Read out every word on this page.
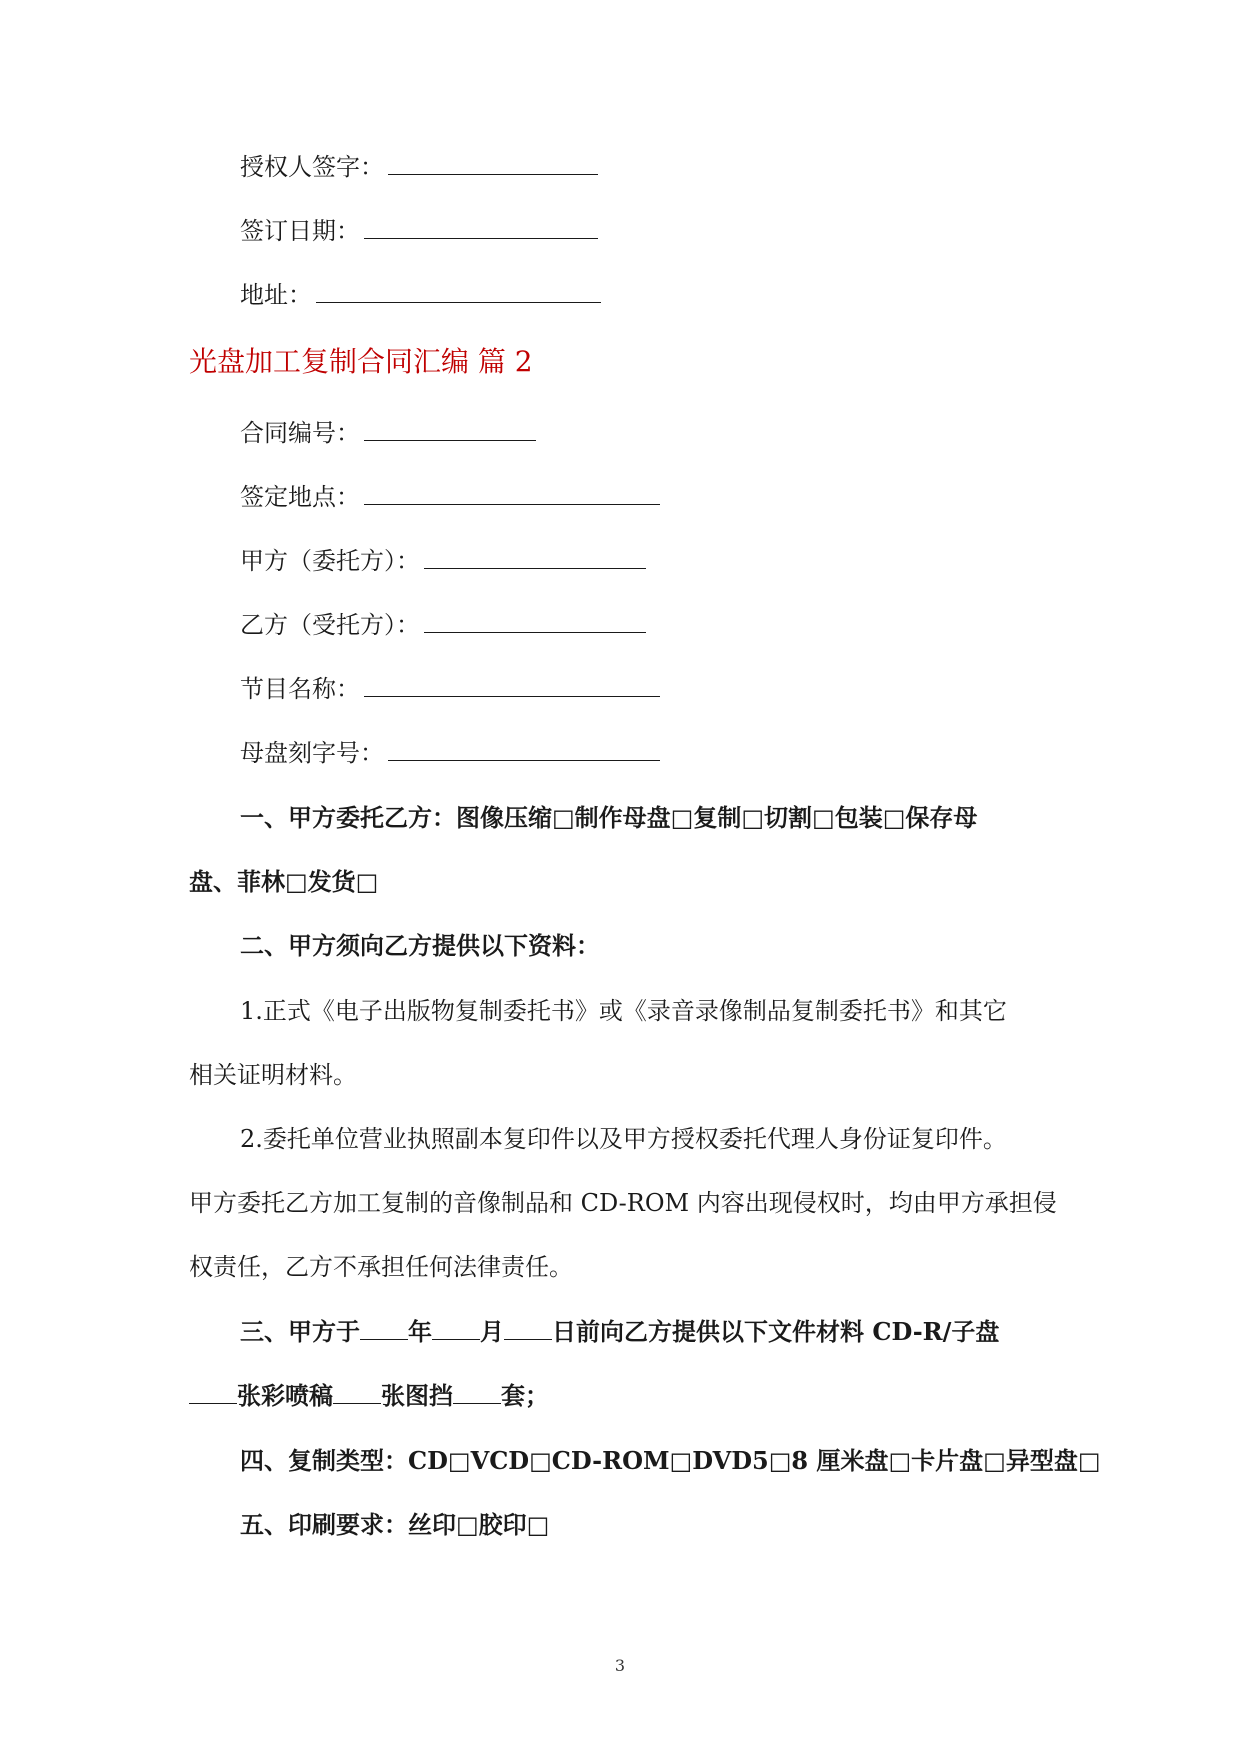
授权人签字：
签订日期：
地址：
光盘加工复制合同汇编 篇 2
合同编号：
签定地点：
甲方（委托方）：
乙方（受托方）：
节目名称：
母盘刻字号：
一、甲方委托乙方：图像压缩□制作母盘□复制□切割□包装□保存母
盘、菲林□发货□
二、甲方须向乙方提供以下资料：
1.正式《电子出版物复制委托书》或《录音录像制品复制委托书》和其它
相关证明材料。
2.委托单位营业执照副本复印件以及甲方授权委托代理人身份证复印件。
甲方委托乙方加工复制的音像制品和 CD-ROM 内容出现侵权时，均由甲方承担侵
权责任，乙方不承担任何法律责任。
三、甲方于 年 月 日前向乙方提供以下文件材料 CD-R/子盘
张彩喷稿 张图挡 套；
四、复制类型：CD□VCD□CD-ROM□DVD5□8 厘米盘□卡片盘□异型盘□
五、印刷要求：丝印□胶印□
3
